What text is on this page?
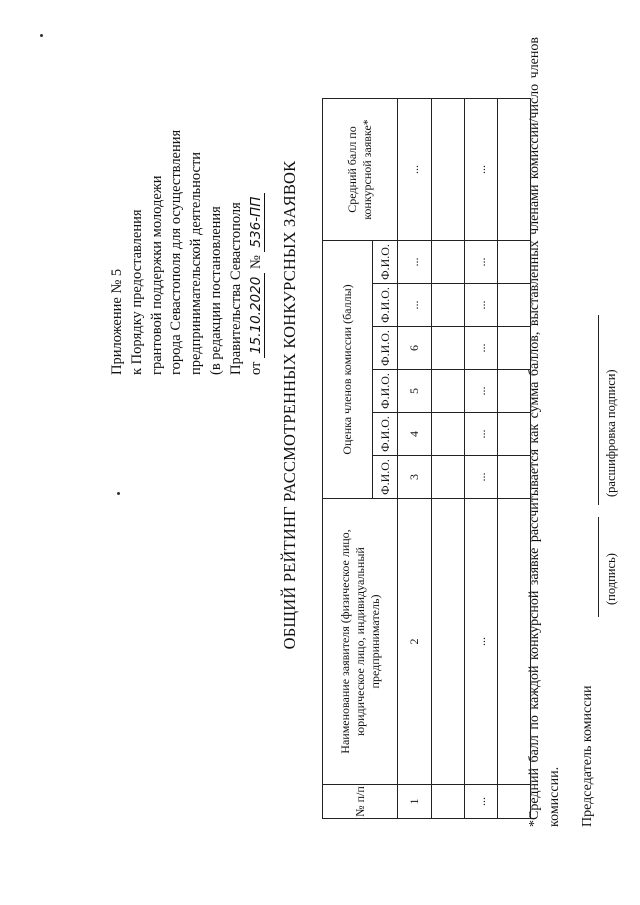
Приложение № 5 к Порядку предоставления грантовой поддержки молодежи города Севастополя для осуществления предпринимательской деятельности (в редакции постановления Правительства Севастополя от 15.10.2020 № 536-ПП ОБЩИЙ РЕЙТИНГ РАССМОТРЕННЫХ КОНКУРСНЫХ ЗАЯВОК
№ п/п	Наименование заявителя (физическое лицо, юридическое лицо, индивидуальный предприниматель)	Оценка членов комиссии (баллы)						Средний балл по конкурсной заявке*
		Ф.И.О.	Ф.И.О.	Ф.И.О.	Ф.И.О.	Ф.И.О.	Ф.И.О.	
1	2	3	4	5	6	...	...	...

...	...	...	...	...	...	...	...	...
									*Средний балл по каждой конкурсной заявке рассчитывается как сумма баллов, выставленных членами комиссии/число членов комиссии. Председатель комиссии
(подпись)
(расшифровка подписи)
